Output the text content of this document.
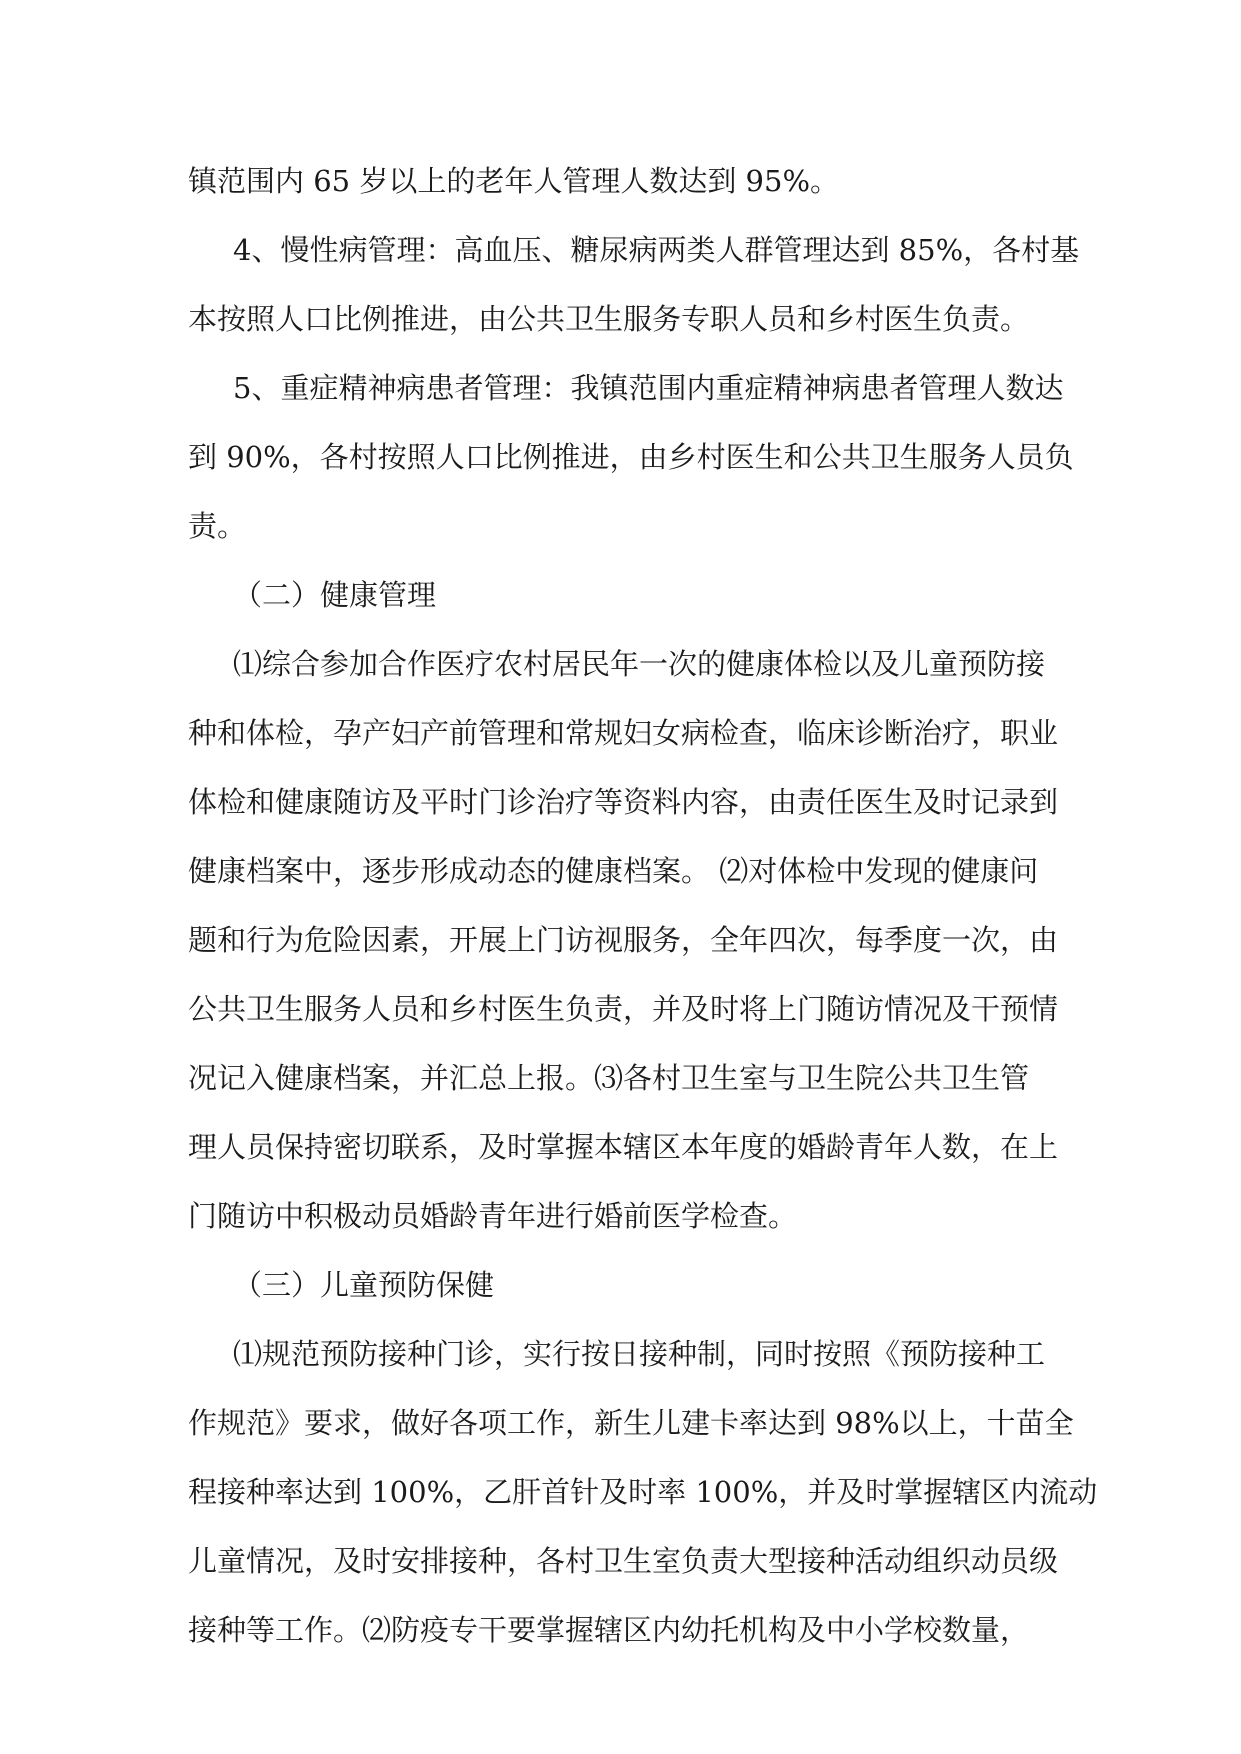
镇范围内 65 岁以上的老年人管理人数达到 95%。
4、慢性病管理：高血压、糖尿病两类人群管理达到 85%，各村基
本按照人口比例推进，由公共卫生服务专职人员和乡村医生负责。
5、重症精神病患者管理：我镇范围内重症精神病患者管理人数达
到 90%，各村按照人口比例推进，由乡村医生和公共卫生服务人员负
责。
（二）健康管理
⑴综合参加合作医疗农村居民年一次的健康体检以及儿童预防接
种和体检，孕产妇产前管理和常规妇女病检查，临床诊断治疗，职业
体检和健康随访及平时门诊治疗等资料内容，由责任医生及时记录到
健康档案中，逐步形成动态的健康档案。 ⑵对体检中发现的健康问
题和行为危险因素，开展上门访视服务，全年四次，每季度一次，由
公共卫生服务人员和乡村医生负责，并及时将上门随访情况及干预情
况记入健康档案，并汇总上报。⑶各村卫生室与卫生院公共卫生管
理人员保持密切联系，及时掌握本辖区本年度的婚龄青年人数，在上
门随访中积极动员婚龄青年进行婚前医学检查。
（三）儿童预防保健
⑴规范预防接种门诊，实行按日接种制，同时按照《预防接种工
作规范》要求，做好各项工作，新生儿建卡率达到 98%以上，十苗全
程接种率达到 100%，乙肝首针及时率 100%，并及时掌握辖区内流动
儿童情况，及时安排接种，各村卫生室负责大型接种活动组织动员级
接种等工作。⑵防疫专干要掌握辖区内幼托机构及中小学校数量，
